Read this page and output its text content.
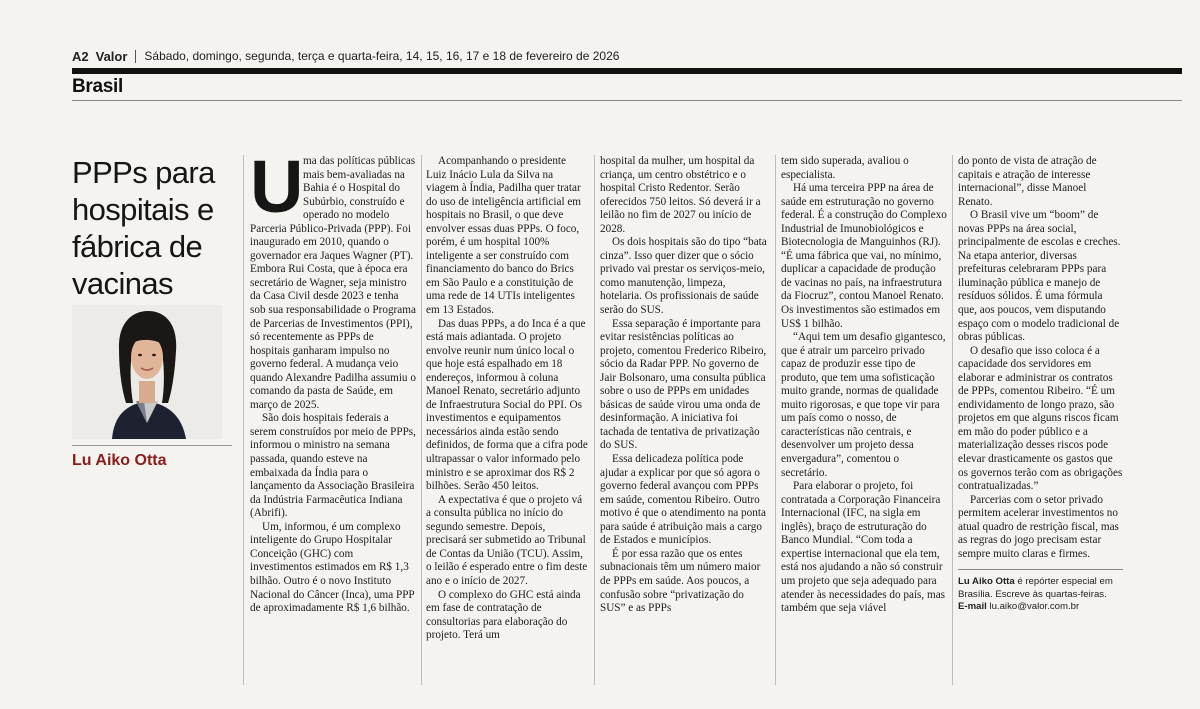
A2 Valor Sábado, domingo, segunda, terça e quarta-feira, 14, 15, 16, 17 e 18 de fevereiro de 2026
Brasil
PPPs para hospitais e fábrica de vacinas
Lu Aiko Otta
U ma das políticas públicas mais bem-avaliadas na Bahia é o Hospital do Subúrbio, construído e operado no modelo Parceria Público-Privada (PPP). Foi inaugurado em 2010, quando o governador era Jaques Wagner (PT). Embora Rui Costa, que à época era secretário de Wagner, seja ministro da Casa Civil desde 2023 e tenha sob sua responsabilidade o Programa de Parcerias de Investimentos (PPI), só recentemente as PPPs de hospitais ganharam impulso no governo federal. A mudança veio quando Alexandre Padilha assumiu o comando da pasta de Saúde, em março de 2025.

São dois hospitais federais a serem construídos por meio de PPPs, informou o ministro na semana passada, quando esteve na embaixada da Índia para o lançamento da Associação Brasileira da Indústria Farmacêutica Indiana (Abrifi).

Um, informou, é um complexo inteligente do Grupo Hospitalar Conceição (GHC) com investimentos estimados em R$ 1,3 bilhão. Outro é o novo Instituto Nacional do Câncer (Inca), uma PPP de aproximadamente R$ 1,6 bilhão.

Acompanhando o presidente Luiz Inácio Lula da Silva na viagem à Índia, Padilha quer tratar do uso de inteligência artificial em hospitais no Brasil, o que deve envolver essas duas PPPs. O foco, porém, é um hospital 100% inteligente a ser construído com financiamento do banco do Brics em São Paulo e a constituição de uma rede de 14 UTIs inteligentes em 13 Estados.

Das duas PPPs, a do Inca é a que está mais adiantada. O projeto envolve reunir num único local o que hoje está espalhado em 18 endereços, informou à coluna Manoel Renato, secretário adjunto de Infraestrutura Social do PPI. Os investimentos e equipamentos necessários ainda estão sendo definidos, de forma que a cifra pode ultrapassar o valor informado pelo ministro e se aproximar dos R$ 2 bilhões. Serão 450 leitos.

A expectativa é que o projeto vá a consulta pública no início do segundo semestre. Depois, precisará ser submetido ao Tribunal de Contas da União (TCU). Assim, o leilão é esperado entre o fim deste ano e o início de 2027.

O complexo do GHC está ainda em fase de contratação de consultorias para elaboração do projeto. Terá um

hospital da mulher, um hospital da criança, um centro obstétrico e o hospital Cristo Redentor. Serão oferecidos 750 leitos. Só deverá ir a leilão no fim de 2027 ou início de 2028.

Os dois hospitais são do tipo “bata cinza”. Isso quer dizer que o sócio privado vai prestar os serviços-meio, como manutenção, limpeza, hotelaria. Os profissionais de saúde serão do SUS.

Essa separação é importante para evitar resistências políticas ao projeto, comentou Frederico Ribeiro, sócio da Radar PPP. No governo de Jair Bolsonaro, uma consulta pública sobre o uso de PPPs em unidades básicas de saúde virou uma onda de desinformação. A iniciativa foi tachada de tentativa de privatização do SUS.

Essa delicadeza política pode ajudar a explicar por que só agora o governo federal avançou com PPPs em saúde, comentou Ribeiro. Outro motivo é que o atendimento na ponta para saúde é atribuição mais a cargo de Estados e municípios.

É por essa razão que os entes subnacionais têm um número maior de PPPs em saúde. Aos poucos, a confusão sobre “privatização do SUS” e as PPPs

tem sido superada, avaliou o especialista.

Há uma terceira PPP na área de saúde em estruturação no governo federal. É a construção do Complexo Industrial de Imunobiológicos e Biotecnologia de Manguinhos (RJ). “É uma fábrica que vai, no mínimo, duplicar a capacidade de produção de vacinas no país, na infraestrutura da Fiocruz”, contou Manoel Renato. Os investimentos são estimados em US$ 1 bilhão.

“Aqui tem um desafio gigantesco, que é atrair um parceiro privado capaz de produzir esse tipo de produto, que tem uma sofisticação muito grande, normas de qualidade muito rigorosas, e que tope vir para um país como o nosso, de características não centrais, e desenvolver um projeto dessa envergadura”, comentou o secretário.

Para elaborar o projeto, foi contratada a Corporação Financeira Internacional (IFC, na sigla em inglês), braço de estruturação do Banco Mundial. “Com toda a expertise internacional que ela tem, está nos ajudando a não só construir um projeto que seja adequado para atender às necessidades do país, mas também que seja viável

do ponto de vista de atração de capitais e atração de interesse internacional”, disse Manoel Renato.

O Brasil vive um “boom” de novas PPPs na área social, principalmente de escolas e creches. Na etapa anterior, diversas prefeituras celebraram PPPs para iluminação pública e manejo de resíduos sólidos. É uma fórmula que, aos poucos, vem disputando espaço com o modelo tradicional de obras públicas.

O desafio que isso coloca é a capacidade dos servidores em elaborar e administrar os contratos de PPPs, comentou Ribeiro. “É um endividamento de longo prazo, são projetos em que alguns riscos ficam em mão do poder público e a materialização desses riscos pode elevar drasticamente os gastos que os governos terão com as obrigações contratualizadas.”

Parcerias com o setor privado permitem acelerar investimentos no atual quadro de restrição fiscal, mas as regras do jogo precisam estar sempre muito claras e firmes.

Lu Aiko Otta é repórter especial em Brasília. Escreve às quartas-feiras.
E-mail lu.aiko@valor.com.br
